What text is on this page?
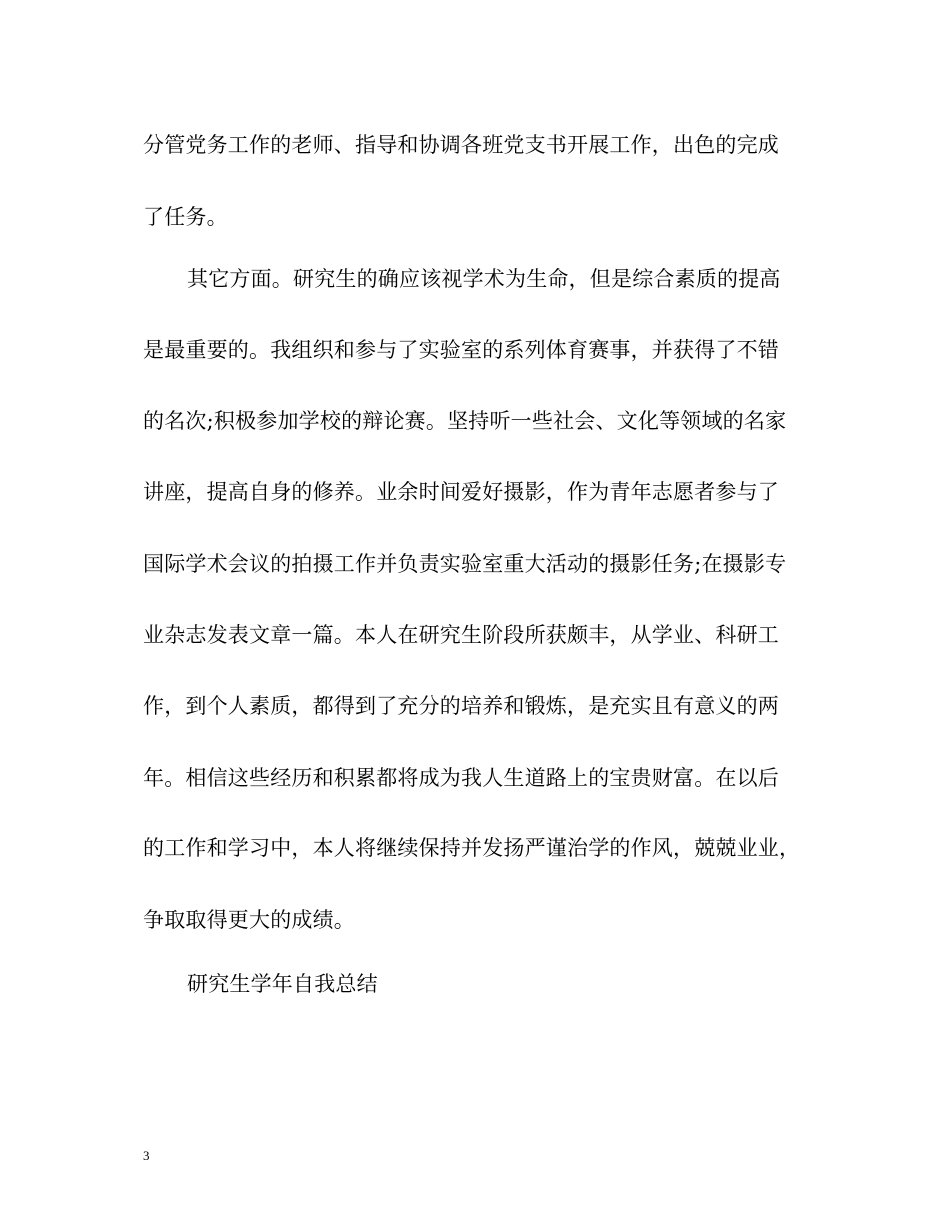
分管党务工作的老师、指导和协调各班党支书开展工作，出色的完成
了任务。
其它方面。研究生的确应该视学术为生命，但是综合素质的提高
是最重要的。我组织和参与了实验室的系列体育赛事，并获得了不错
的名次;积极参加学校的辩论赛。坚持听一些社会、文化等领域的名家
讲座，提高自身的修养。业余时间爱好摄影，作为青年志愿者参与了
国际学术会议的拍摄工作并负责实验室重大活动的摄影任务;在摄影专
业杂志发表文章一篇。本人在研究生阶段所获颇丰，从学业、科研工
作，到个人素质，都得到了充分的培养和锻炼，是充实且有意义的两
年。相信这些经历和积累都将成为我人生道路上的宝贵财富。在以后
的工作和学习中，本人将继续保持并发扬严谨治学的作风，兢兢业业，
争取取得更大的成绩。
研究生学年自我总结
3
